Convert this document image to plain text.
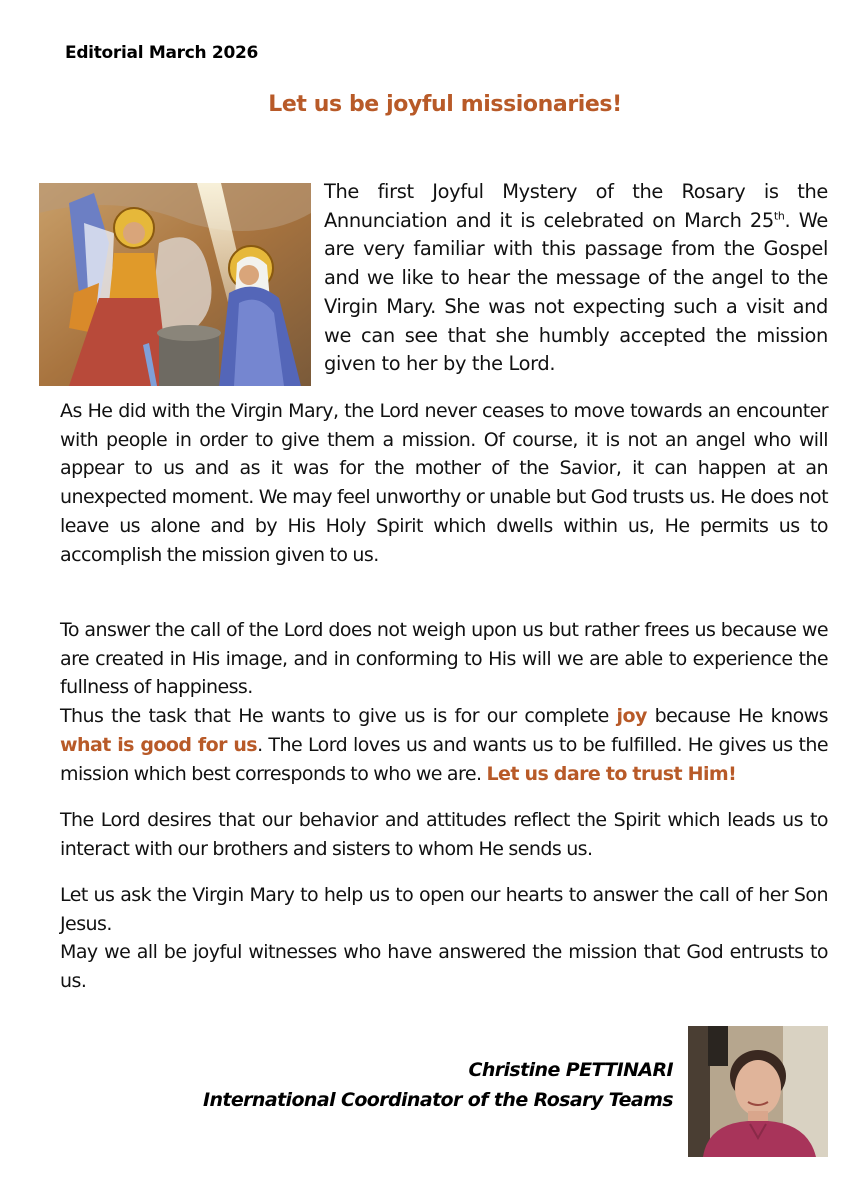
Editorial March 2026
Let us be joyful missionaries!
The first Joyful Mystery of the Rosary is the Annunciation and it is celebrated on March 25th. We are very familiar with this passage from the Gospel and we like to hear the message of the angel to the Virgin Mary. She was not expecting such a visit and we can see that she humbly accepted the mission given to her by the Lord.

As He did with the Virgin Mary, the Lord never ceases to move towards an encounter with people in order to give them a mission. Of course, it is not an angel who will appear to us and as it was for the mother of the Savior, it can happen at an unexpected moment. We may feel unworthy or unable but God trusts us. He does not leave us alone and by His Holy Spirit which dwells within us, He permits us to accomplish the mission given to us.

To answer the call of the Lord does not weigh upon us but rather frees us because we are created in His image, and in conforming to His will we are able to experience the fullness of happiness.

Thus the task that He wants to give us is for our complete joy because He knows what is good for us. The Lord loves us and wants us to be fulfilled. He gives us the mission which best corresponds to who we are. Let us dare to trust Him!

The Lord desires that our behavior and attitudes reflect the Spirit which leads us to interact with our brothers and sisters to whom He sends us.

Let us ask the Virgin Mary to help us to open our hearts to answer the call of her Son Jesus.

May we all be joyful witnesses who have answered the mission that God entrusts to us.

Christine PETTINARI
International Coordinator of the Rosary Teams
